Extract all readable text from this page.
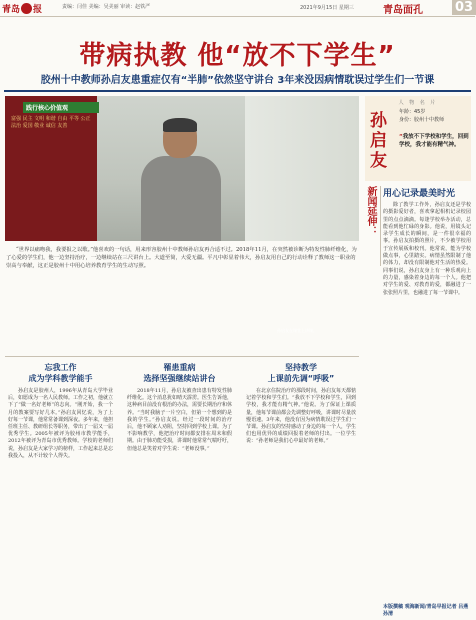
青岛 报	责编：闫佳 美编：吴美丽 审读：赵铁严	2021年9月15日 星期三	青岛面孔 03
带病执教 他“放不下学生”
胶州十中教师孙启友患重症仅有“半肺”依然坚守讲台 3年来没因病情耽误过学生们一节课
践行核心价值观
富强 民主 文明 和谐 自由 平等 公正 法治 爱国 敬业 诚信 友善
孙启友在课堂上讲课。
“世界以痛吻我，我要报之以歌。”他喜欢的一句话，用来形容胶州十中教师孙启友再合适不过。2018年11月，在突然被诊断为特发性肺纤维化，为了心爱的学生们，他一边坚持治疗，一边继续站在三尺讲台上。大道至简，大爱无疆。平凡中彰显着伟大，孙启友用自己的行动诠释了教师这一职业的崇高与奉献，这正是胶州十中用心培养教育学生的生动写照。
人 物 名 片
孙启友
年龄：45岁
身份：胶州十中教师
“我放不下学校和学生，回到学校，我才能有精气神。
新闻延伸： 用心记录最美时光
除了教学工作外，孙启友还是学校的摄影爱好者，喜欢拿起相机记录校园里的点点滴滴。每逢学校举办活动，总能看到他忙碌的身影。他说，用镜头记录学生成长的瞬间，是一件很幸福的事。孙启友拍摄的照片，不少被学校用于宣传展板和校刊。他常说，能为学校做点事，心里踏实。病情虽然限制了他的体力，却没有限制他对生活的热爱。同事们说，孙启友身上有一种乐观向上的力量，感染着身边的每一个人。他把对学生的爱、对教育的爱，都融进了一张张照片里，也融进了每一节课中。
本版撰稿 观海新闻/青岛早报记者 吕燕 孙清
忘我工作
成为学科教学能手
孙启友是胶州人，1996年从青岛大学毕业后，如愿成为一名人民教师。工作之初，他就立下了“做一名好老师”的志向。“刚开始，我一个月的教案要写好几本。”孙启友回忆说，为了上好每一节课，他常常备课到深夜。多年来，他担任班主任、教研组长等职务，带出了一届又一届优秀学生。2005年被评为胶州市教学能手，2012年被评为青岛市优秀教师。学校的老师们说，孙启友是大家学习的榜样，工作起来总是忘我投入，从不计较个人得失。
罹患重病
选择坚强继续站讲台
2018年11月，孙启友被查出患有特发性肺纤维化。这个消息犹如晴天霹雳。医生告诉他，这种病目前没有根治的办法，需要长期治疗和休养。“当时我脑子一片空白，但第一个想到的是我的学生。”孙启友说。经过一段时间的治疗后，他不顾家人劝阻，坚持回到学校上课。为了不影响教学，他把治疗时间都安排在周末和假期。由于肺功能受损，讲课时他常常气喘吁吁，但他总是笑着对学生说：“老师没事。”
坚持教学
上课前先调“呼吸”
在北京住院治疗的那段时间，孙启友每天都惦记着学校和学生们。“我放不下学校和学生，回到学校，我才能有精气神。”他说。为了保证上课质量，他每节课前都会先调整好呼吸，讲课时尽量放慢语速。3年来，他没有因为病情耽误过学生们一节课。孙启友的坚持感动了身边的每一个人，学生们也用优异的成绩回报着老师的付出。一位学生说：“孙老师是我们心中最好的老师。”
